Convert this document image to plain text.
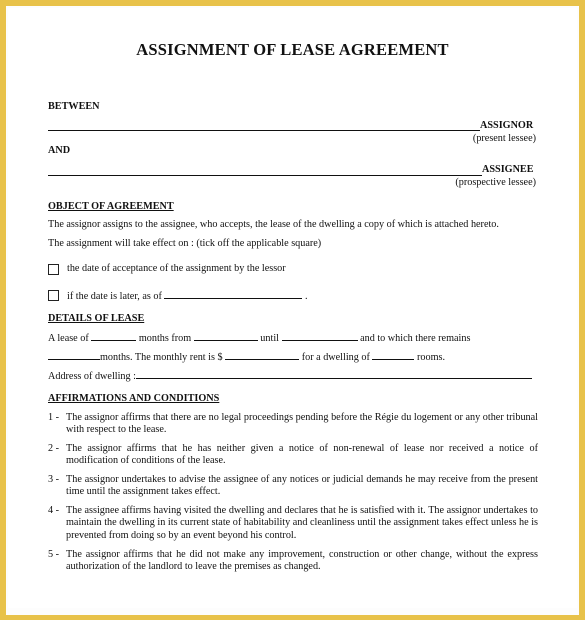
ASSIGNMENT OF LEASE AGREEMENT
BETWEEN
ASSIGNOR
(present lessee)
AND
ASSIGNEE
(prospective lessee)
OBJECT OF AGREEMENT
The assignor assigns to the assignee, who accepts, the lease of the dwelling a copy of which is attached hereto.
The assignment will take effect on : (tick off the applicable square)
the date of acceptance of the assignment by the lessor
if the date is later, as of	.
DETAILS OF LEASE
A lease of	months from	until	and to which there remains
months. The monthly rent is $	for a dwelling of	rooms.
Address of dwelling :
AFFIRMATIONS AND CONDITIONS
1 - The assignor affirms that there are no legal proceedings pending before the Régie du logement or any other tribunal with respect to the lease.
2 - The assignor affirms that he has neither given a notice of non-renewal of lease nor received a notice of modification of conditions of the lease.
3 - The assignor undertakes to advise the assignee of any notices or judicial demands he may receive from the present time until the assignment takes effect.
4 - The assignee affirms having visited the dwelling and declares that he is satisfied with it. The assignor undertakes to maintain the dwelling in its current state of habitability and cleanliness until the assignment takes effect unless he is prevented from doing so by an event beyond his control.
5 - The assignor affirms that he did not make any improvement, construction or other change, without the express authorization of the landlord to leave the premises as changed.
